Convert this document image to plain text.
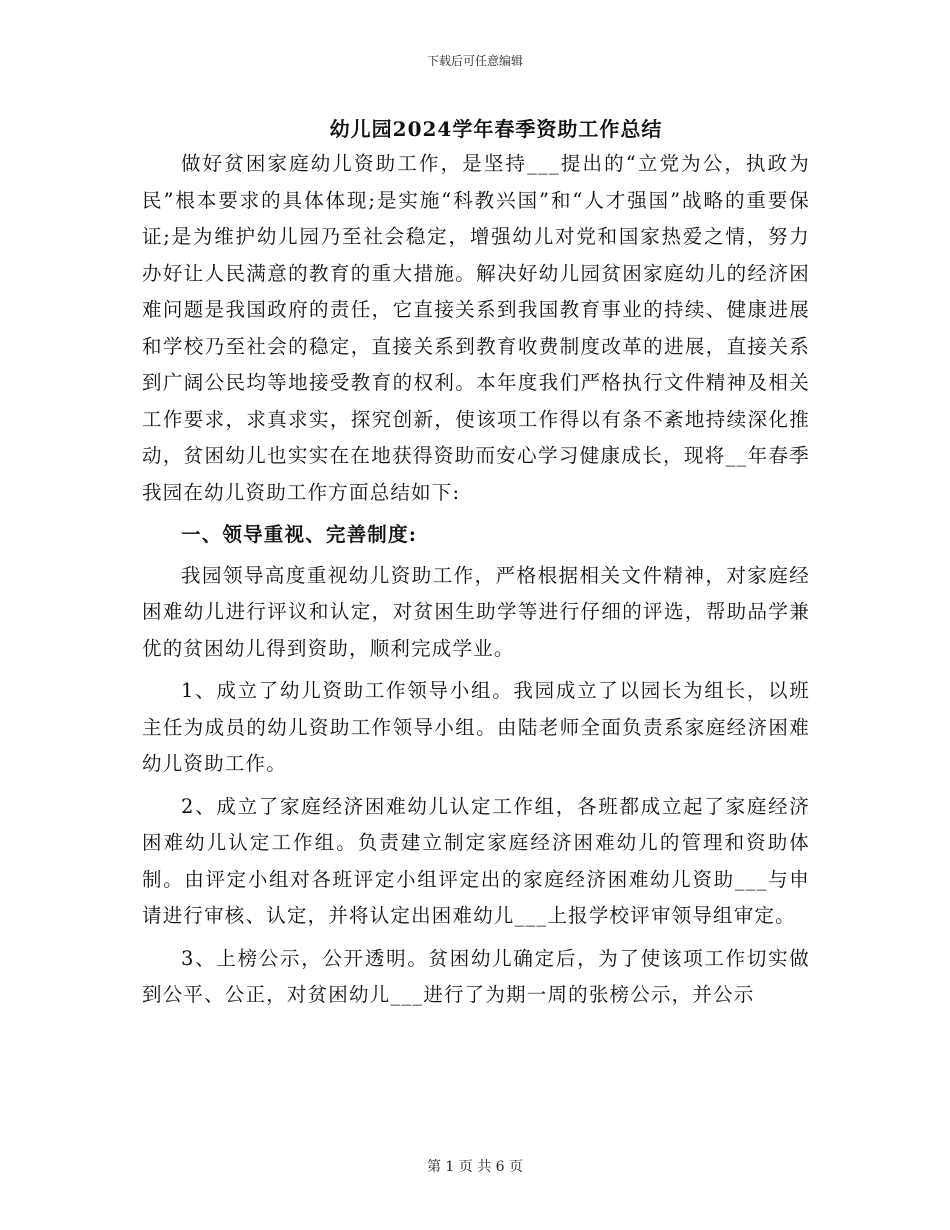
下载后可任意编辑
幼儿园2024学年春季资助工作总结

做好贫困家庭幼儿资助工作，是坚持___提出的“立党为公，执政为民”根本要求的具体体现;是实施“科教兴国”和“人才强国”战略的重要保证;是为维护幼儿园乃至社会稳定，增强幼儿对党和国家热爱之情，努力办好让人民满意的教育的重大措施。解决好幼儿园贫困家庭幼儿的经济困难问题是我国政府的责任，它直接关系到我国教育事业的持续、健康进展和学校乃至社会的稳定，直接关系到教育收费制度改革的进展，直接关系到广阔公民均等地接受教育的权利。本年度我们严格执行文件精神及相关工作要求，求真求实，探究创新，使该项工作得以有条不紊地持续深化推动，贫困幼儿也实实在在地获得资助而安心学习健康成长，现将__年春季我园在幼儿资助工作方面总结如下:

一、领导重视、完善制度:

我园领导高度重视幼儿资助工作，严格根据相关文件精神，对家庭经困难幼儿进行评议和认定，对贫困生助学等进行仔细的评选，帮助品学兼优的贫困幼儿得到资助，顺利完成学业。

1、成立了幼儿资助工作领导小组。我园成立了以园长为组长，以班主任为成员的幼儿资助工作领导小组。由陆老师全面负责系家庭经济困难幼儿资助工作。

2、成立了家庭经济困难幼儿认定工作组，各班都成立起了家庭经济困难幼儿认定工作组。负责建立制定家庭经济困难幼儿的管理和资助体制。由评定小组对各班评定小组评定出的家庭经济困难幼儿资助___与申请进行审核、认定，并将认定出困难幼儿___上报学校评审领导组审定。

3、上榜公示，公开透明。贫困幼儿确定后，为了使该项工作切实做到公平、公正，对贫困幼儿___进行了为期一周的张榜公示，并公示

第 1 页 共 6 页
